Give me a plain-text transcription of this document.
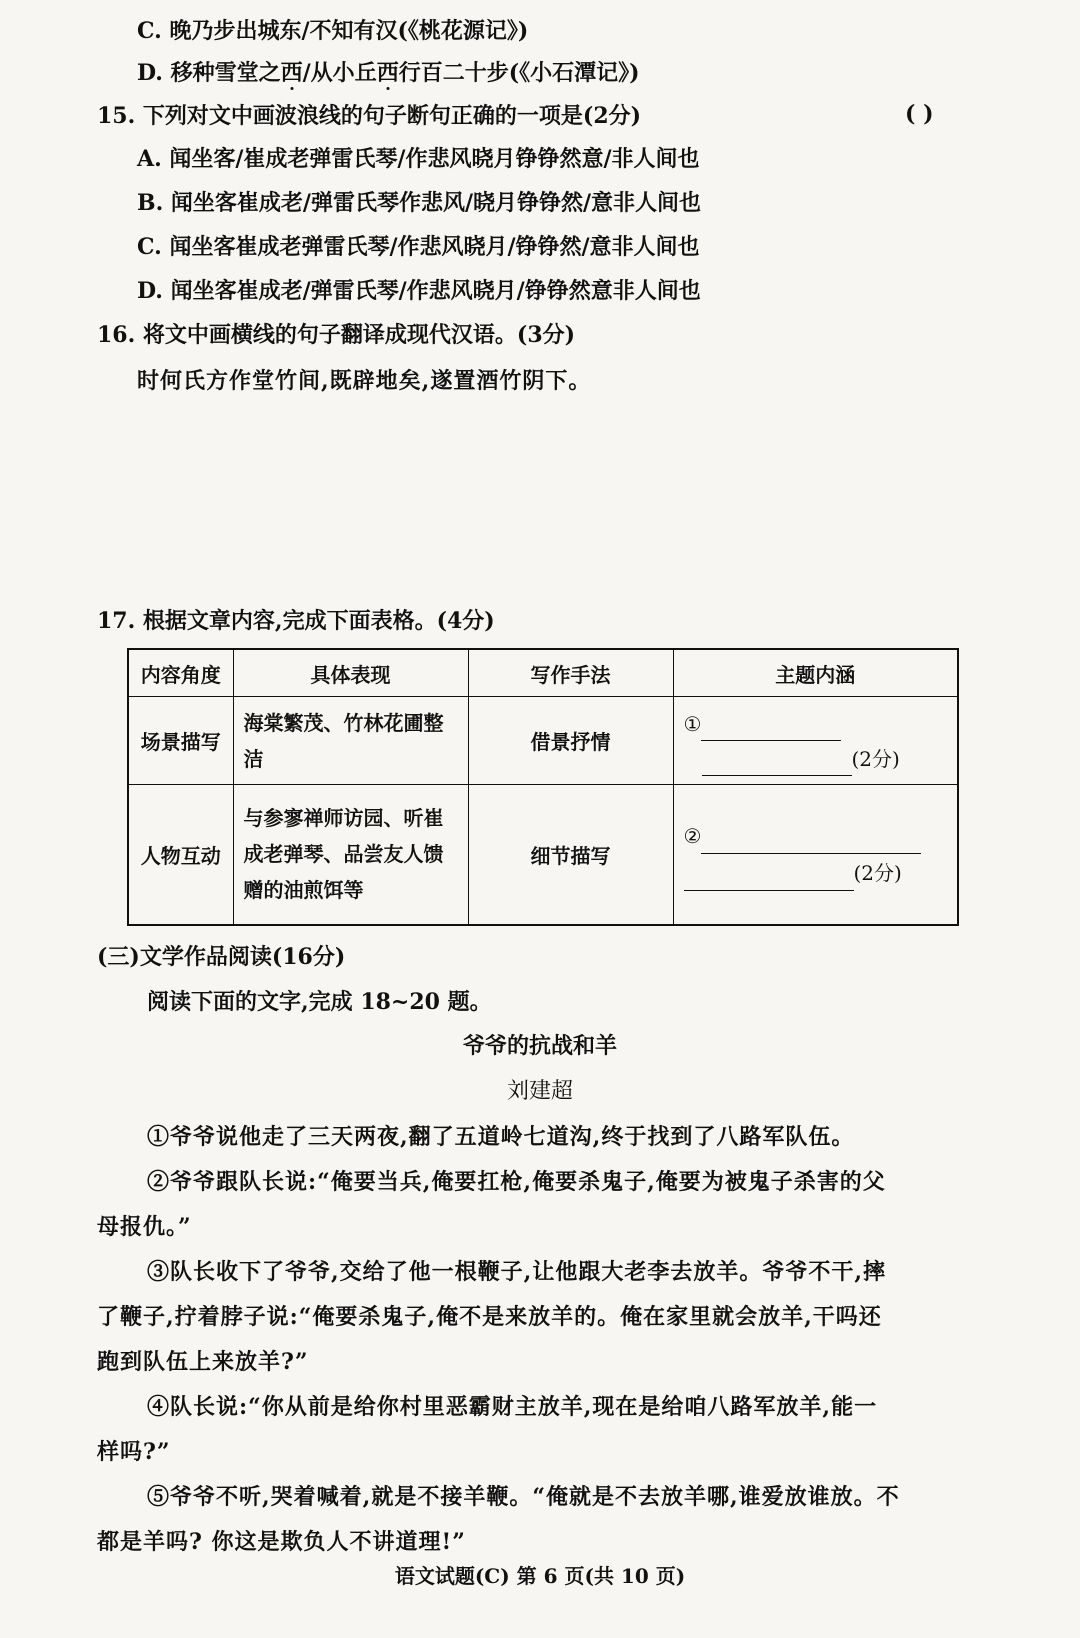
C. 晚乃步出城东/不知有汉(《桃花源记》)
D. 移种雪堂之西/从小丘西行百二十步(《小石潭记》)
15. 下列对文中画波浪线的句子断句正确的一项是(2分)	( )
A. 闻坐客/崔成老弹雷氏琴/作悲风晓月铮铮然意/非人间也
B. 闻坐客崔成老/弹雷氏琴作悲风/晓月铮铮然/意非人间也
C. 闻坐客崔成老弹雷氏琴/作悲风晓月/铮铮然/意非人间也
D. 闻坐客崔成老/弹雷氏琴/作悲风晓月/铮铮然意非人间也
16. 将文中画横线的句子翻译成现代汉语。(3分)
时何氏方作堂竹间,既辟地矣,遂置酒竹阴下。
17. 根据文章内容,完成下面表格。(4分)
内容角度	具体表现	写作手法	主题内涵
场景描写	海棠繁茂、竹林花圃整洁	借景抒情	①
(2分)

人物互动	与参寥禅师访园、听崔成老弹琴、品尝友人馈赠的油煎饵等	细节描写	②
(2分)
(三)文学作品阅读(16分)
阅读下面的文字,完成 18~20 题。
爷爷的抗战和羊
刘建超
①爷爷说他走了三天两夜,翻了五道岭七道沟,终于找到了八路军队伍。
②爷爷跟队长说:“俺要当兵,俺要扛枪,俺要杀鬼子,俺要为被鬼子杀害的父
母报仇。”
③队长收下了爷爷,交给了他一根鞭子,让他跟大老李去放羊。爷爷不干,摔
了鞭子,拧着脖子说:“俺要杀鬼子,俺不是来放羊的。俺在家里就会放羊,干吗还
跑到队伍上来放羊?”
④队长说:“你从前是给你村里恶霸财主放羊,现在是给咱八路军放羊,能一
样吗?”
⑤爷爷不听,哭着喊着,就是不接羊鞭。“俺就是不去放羊哪,谁爱放谁放。不
都是羊吗? 你这是欺负人不讲道理!”
语文试题(C) 第 6 页(共 10 页)
